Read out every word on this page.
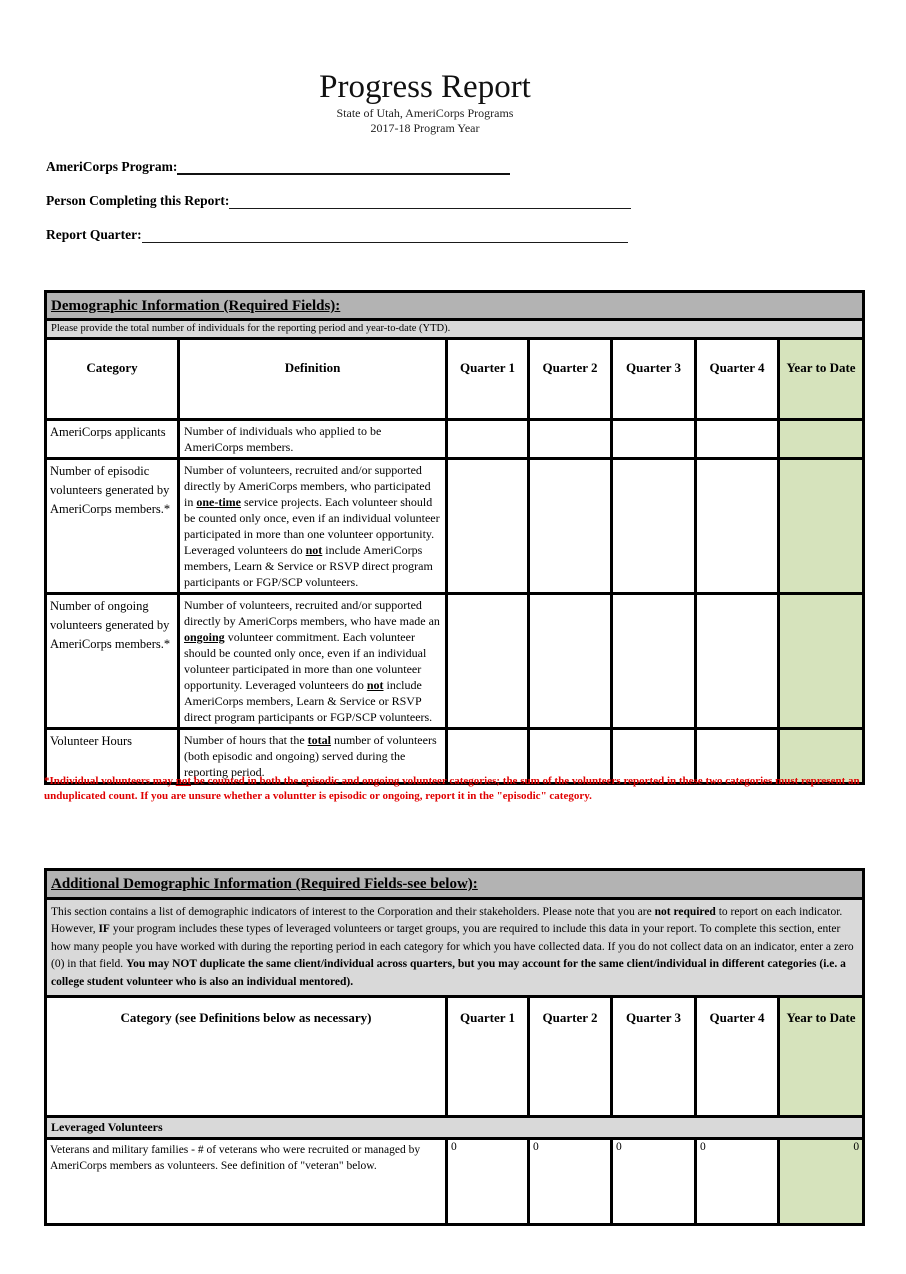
Progress Report
State of Utah, AmeriCorps Programs
2017-18 Program Year
AmeriCorps Program:
Person Completing this Report:
Report Quarter:
Demographic Information (Required Fields):						
Please provide the total number of individuals for the reporting period and year-to-date (YTD).						
Category	Definition	Quarter 1	Quarter 2	Quarter 3	Quarter 4	Year to Date
AmeriCorps applicants	Number of individuals who applied to be AmeriCorps members.					
Number of episodic volunteers generated by AmeriCorps members.*	Number of volunteers, recruited and/or supported directly by AmeriCorps members, who participated in one-time service projects. Each volunteer should be counted only once, even if an individual volunteer participated in more than one volunteer opportunity. Leveraged volunteers do not include AmeriCorps members, Learn & Service or RSVP direct program participants or FGP/SCP volunteers.					
Number of ongoing volunteers generated by AmeriCorps members.*	Number of volunteers, recruited and/or supported directly by AmeriCorps members, who have made an ongoing volunteer commitment. Each volunteer should be counted only once, even if an individual volunteer participated in more than one volunteer opportunity. Leveraged volunteers do not include AmeriCorps members, Learn & Service or RSVP direct program participants or FGP/SCP volunteers.					
Volunteer Hours	Number of hours that the total number of volunteers (both episodic and ongoing) served during the reporting period.					
*Individual volunteers may not be counted in both the episodic and ongoing volunteer categories; the sum of the volunteers reported in these two categories must represent an unduplicated count. If you are unsure whether a voluntter is episodic or ongoing, report it in the "episodic" category.
Additional Demographic Information (Required Fields-see below):					
This section contains a list of demographic indicators of interest to the Corporation and their stakeholders. Please note that you are not required to report on each indicator. However, IF your program includes these types of leveraged volunteers or target groups, you are required to include this data in your report. To complete this section, enter how many people you have worked with during the reporting period in each category for which you have collected data. If you do not collect data on an indicator, enter a zero (0) in that field. You may NOT duplicate the same client/individual across quarters, but you may account for the same client/individual in different categories (i.e. a college student volunteer who is also an individual mentored).					
Category (see Definitions below as necessary)	Quarter 1	Quarter 2	Quarter 3	Quarter 4	Year to Date
Leveraged Volunteers					
Veterans and military families - # of veterans who were recruited or managed by AmeriCorps members as volunteers. See definition of "veteran" below.	0	0	0	0	0
